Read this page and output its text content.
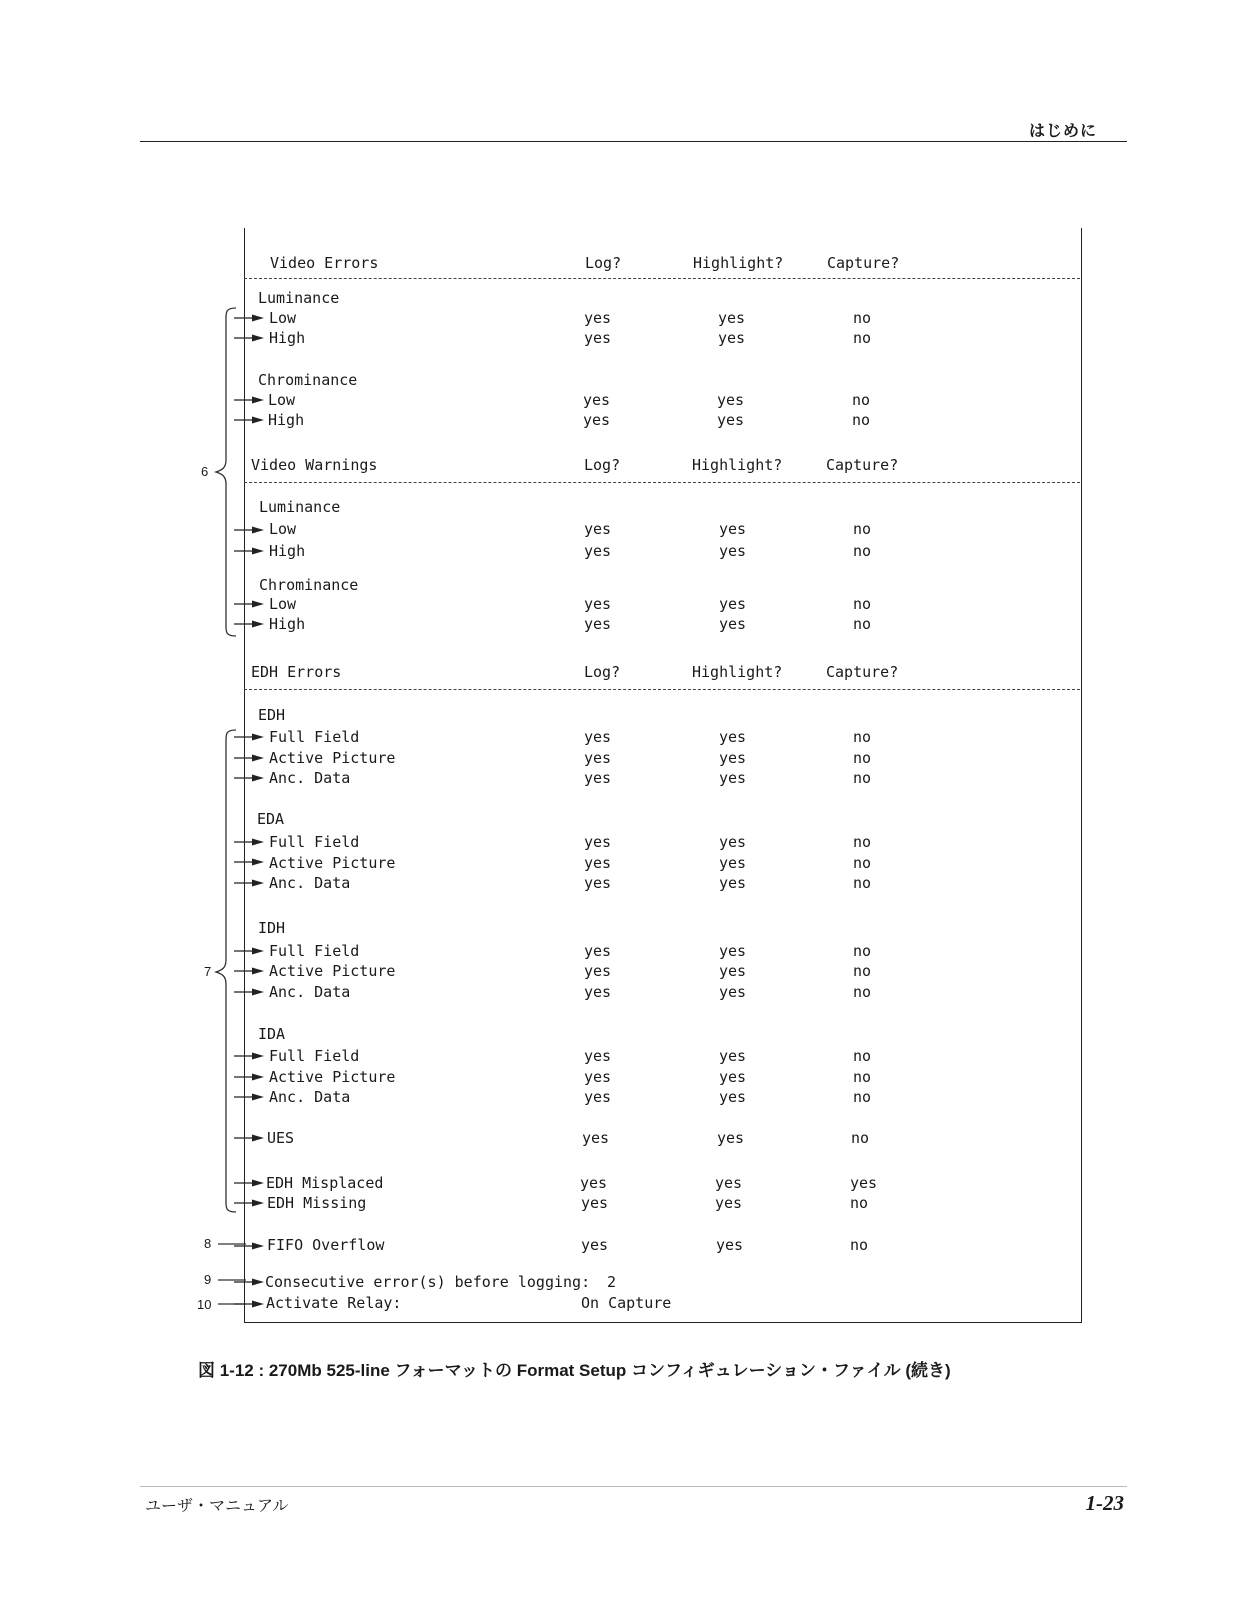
はじめに
Video Errors	Log?	Highlight?	Capture?
Luminance
Low	yes	yes	no
High	yes	yes	no
Chrominance
Low	yes	yes	no
High	yes	yes	no
Video Warnings	Log?	Highlight?	Capture?
Luminance
Low	yes	yes	no
High	yes	yes	no
Chrominance
Low	yes	yes	no
High	yes	yes	no
EDH Errors	Log?	Highlight?	Capture?
EDH
Full Field	yes	yes	no
Active Picture	yes	yes	no
Anc. Data	yes	yes	no
EDA
Full Field	yes	yes	no
Active Picture	yes	yes	no
Anc. Data	yes	yes	no
IDH
Full Field	yes	yes	no
Active Picture	yes	yes	no
Anc. Data	yes	yes	no
IDA
Full Field	yes	yes	no
Active Picture	yes	yes	no
Anc. Data	yes	yes	no
UES	yes	yes	no
EDH Misplaced	yes	yes	yes
EDH Missing	yes	yes	no
FIFO Overflow	yes	yes	no
Consecutive error(s) before logging: 2
Activate Relay:	On Capture
6
7
8
9
10
図 1-12 : 270Mb 525-line フォーマットの Format Setup コンフィギュレーション・ファイル (続き)
ユーザ・マニュアル	1-23
